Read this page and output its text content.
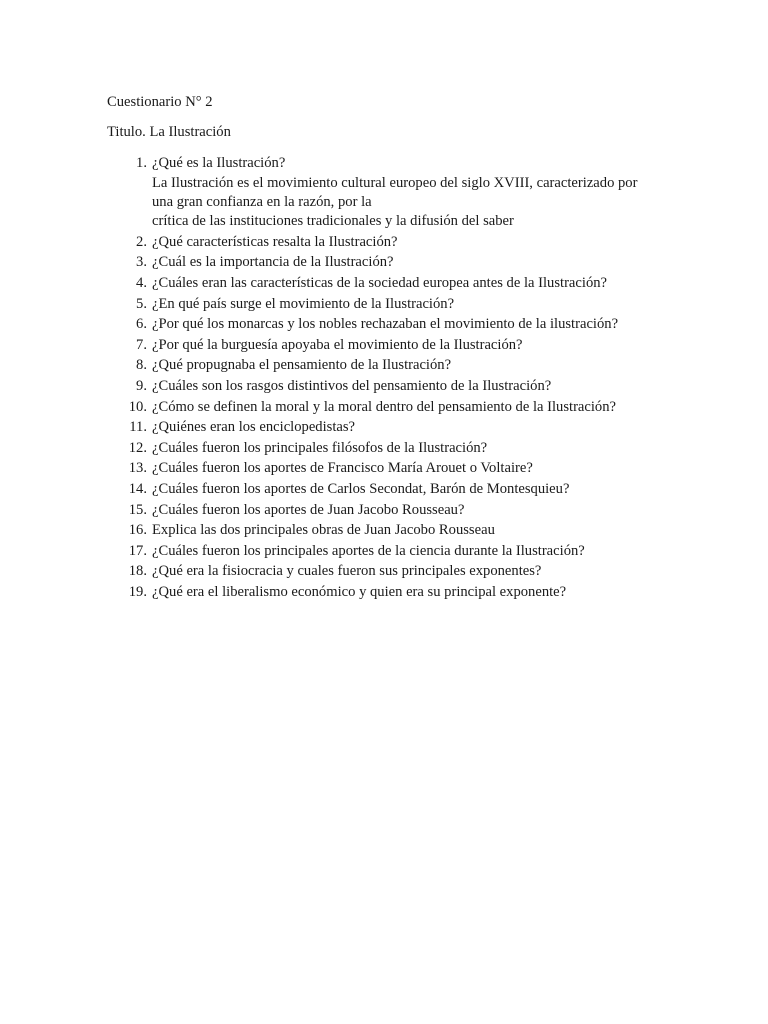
Cuestionario N° 2
Titulo. La Ilustración
1. ¿Qué es la Ilustración?
La Ilustración es el movimiento cultural europeo del siglo XVIII, caracterizado por
una gran confianza en la razón, por la
crítica de las instituciones tradicionales y la difusión del saber
2. ¿Qué características resalta la Ilustración?
3. ¿Cuál es la importancia de la Ilustración?
4. ¿Cuáles eran las características de la sociedad europea antes de la Ilustración?
5. ¿En qué país surge el movimiento de la Ilustración?
6. ¿Por qué los monarcas y los nobles rechazaban el movimiento de la ilustración?
7. ¿Por qué la burguesía apoyaba el movimiento de la Ilustración?
8. ¿Qué propugnaba el pensamiento de la Ilustración?
9. ¿Cuáles son los rasgos distintivos del pensamiento de la Ilustración?
10. ¿Cómo se definen la moral y la moral dentro del pensamiento de la Ilustración?
11. ¿Quiénes eran los enciclopedistas?
12. ¿Cuáles fueron los principales filósofos de la Ilustración?
13. ¿Cuáles fueron los aportes de Francisco María Arouet o Voltaire?
14. ¿Cuáles fueron los aportes de Carlos Secondat, Barón de Montesquieu?
15. ¿Cuáles fueron los aportes de Juan Jacobo Rousseau?
16. Explica las dos principales obras de Juan Jacobo Rousseau
17. ¿Cuáles fueron los principales aportes de la ciencia durante la Ilustración?
18. ¿Qué era la fisiocracia y cuales fueron sus principales exponentes?
19. ¿Qué era el liberalismo económico y quien era su principal exponente?
